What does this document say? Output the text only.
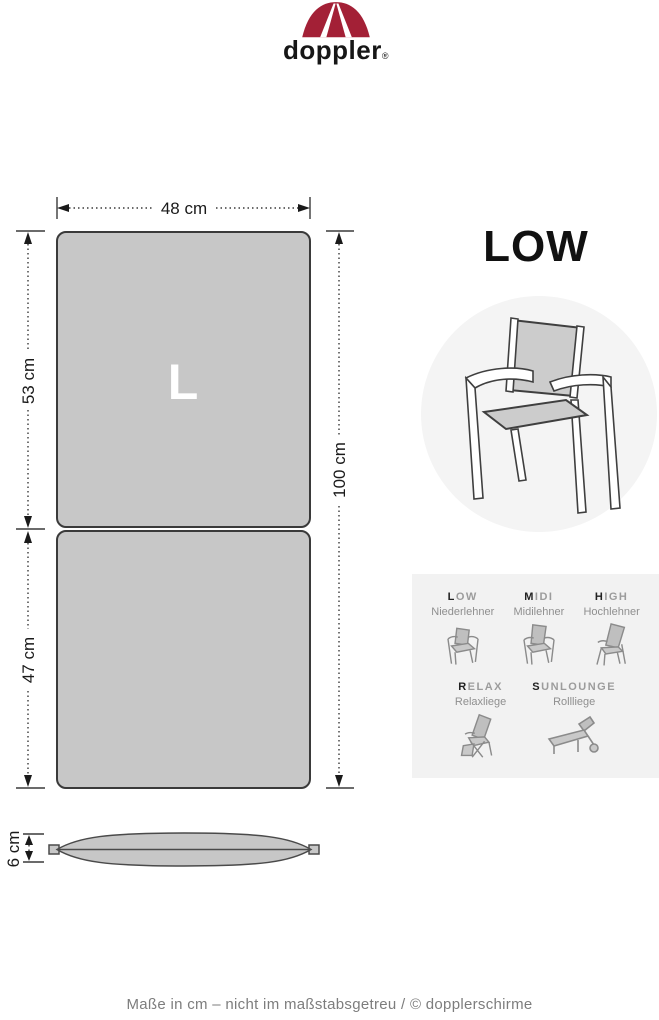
doppler®
48 cm
L
53 cm
47 cm
100 cm
6 cm
LOW
LOW
Niederlehner
MIDI
Midilehner
HIGH
Hochlehner
RELAX
Relaxliege
SUNLOUNGE
Rollliege
Maße in cm – nicht im maßstabsgetreu / © dopplerschirme
